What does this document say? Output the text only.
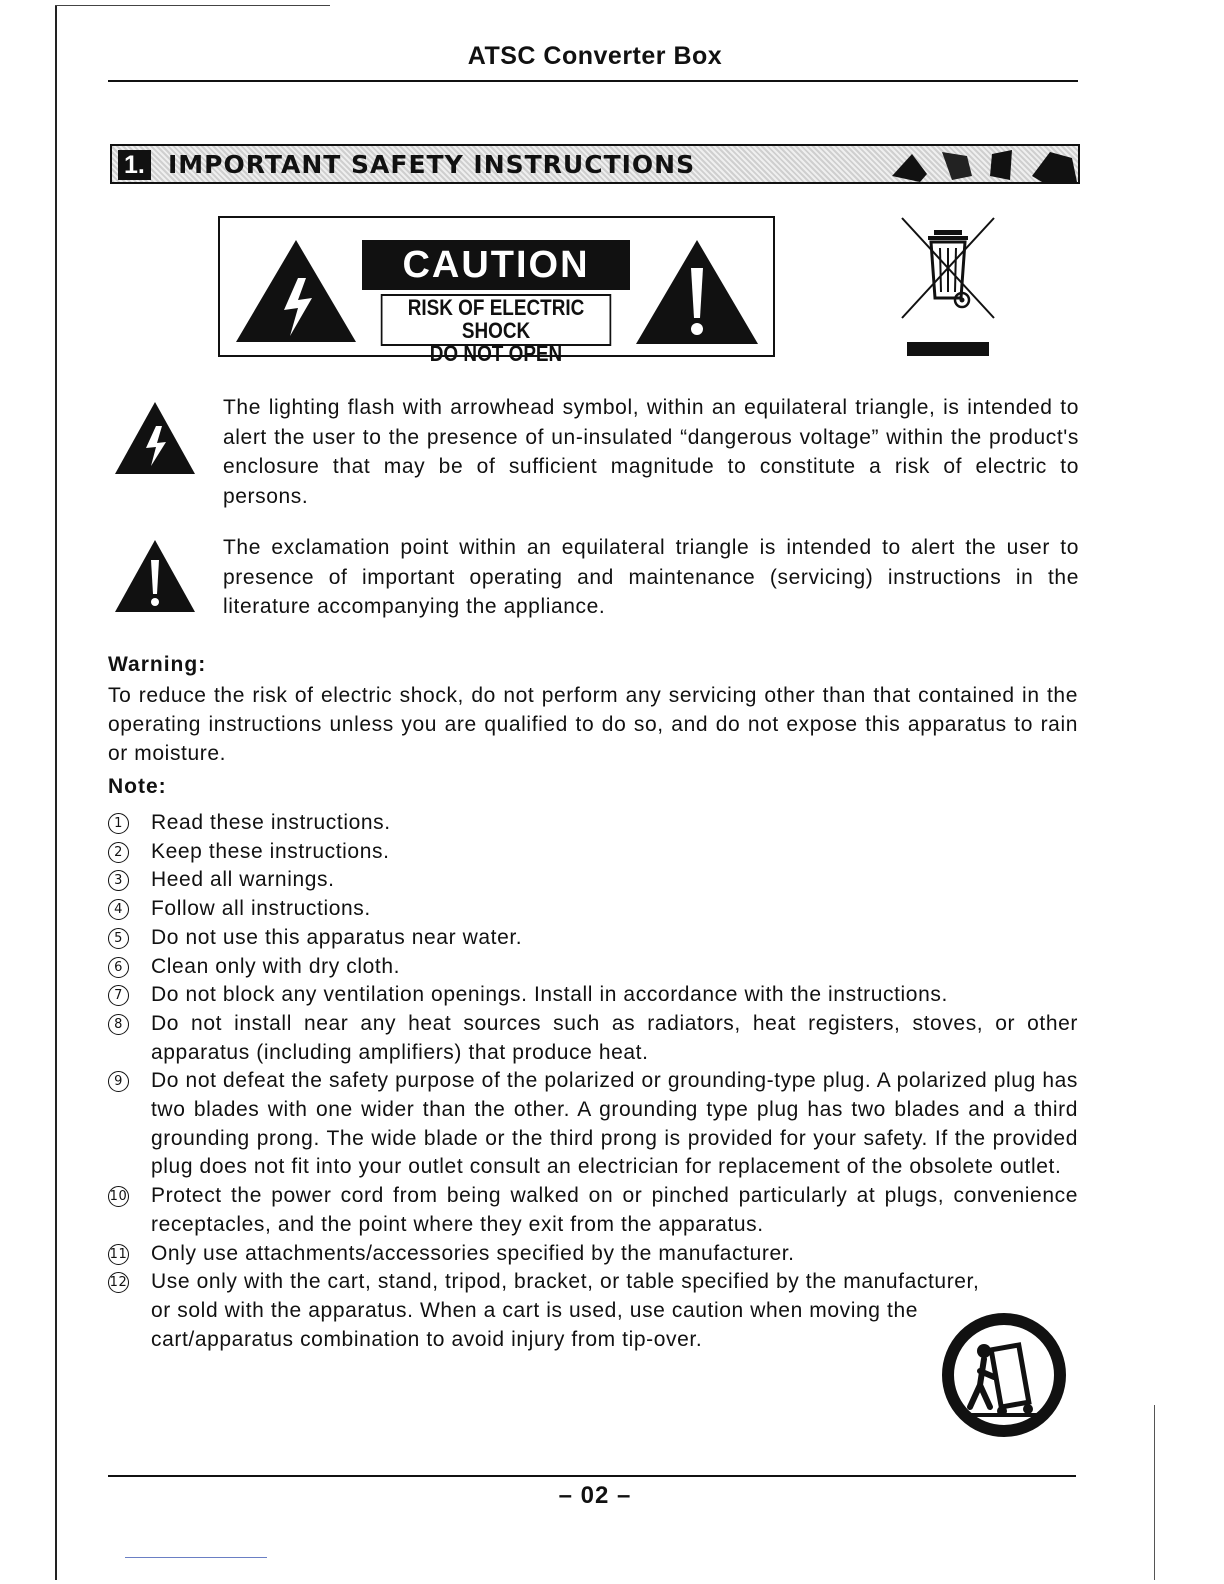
ATSC Converter Box
1. IMPORTANT SAFETY INSTRUCTIONS
CAUTION
RISK OF ELECTRIC SHOCK
DO NOT OPEN
The lighting flash with arrowhead symbol, within an equilateral triangle, is intended to alert the user to the presence of un-insulated “dangerous voltage” within the product's enclosure that may be of sufficient magnitude to constitute a risk of electric to persons.
The exclamation point within an equilateral triangle is intended to alert the user to presence of important operating and maintenance (servicing) instructions in the literature accompanying the appliance.
Warning:
To reduce the risk of electric shock, do not perform any servicing other than that contained in the operating instructions unless you are qualified to do so, and do not expose this apparatus to rain or moisture.
Note:
1 Read these instructions.
2 Keep these instructions.
3 Heed all warnings.
4 Follow all instructions.
5 Do not use this apparatus near water.
6 Clean only with dry cloth.
7 Do not block any ventilation openings. Install in accordance with the instructions.
8 Do not install near any heat sources such as radiators, heat registers, stoves, or other apparatus (including amplifiers) that produce heat.
9 Do not defeat the safety purpose of the polarized or grounding-type plug. A polarized plug has two blades with one wider than the other. A grounding type plug has two blades and a third grounding prong. The wide blade or the third prong is provided for your safety. If the provided plug does not fit into your outlet consult an electrician for replacement of the obsolete outlet.
10 Protect the power cord from being walked on or pinched particularly at plugs, convenience receptacles, and the point where they exit from the apparatus.
11 Only use attachments/accessories specified by the manufacturer.
12 Use only with the cart, stand, tripod, bracket, or table specified by the manufacturer, or sold with the apparatus. When a cart is used, use caution when moving the cart/apparatus combination to avoid injury from tip-over.
– 02 –
